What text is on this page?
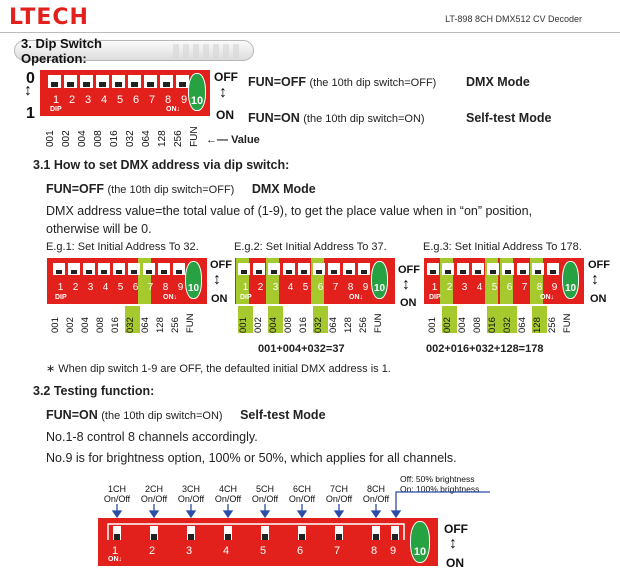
LTECH	LT-898 8CH DMX512 CV Decoder
3. Dip Switch Operation:
0
↕
1
10
1 2 3 4 5 6 7 8 9
DIP	ON↓
OFF
↕
ON
001 002 004 008 016 032 064 128 256 FUN ←— Value
FUN=OFF (the 10th dip switch=OFF) DMX Mode
FUN=ON (the 10th dip switch=ON)	Self-test Mode
3.1 How to set DMX address via dip switch:
FUN=OFF (the 10th dip switch=OFF) DMX Mode
DMX address value=the total value of (1-9), to get the place value when in “on” position,
otherwise will be 0.
E.g.1: Set Initial Address To 32.	E.g.2: Set Initial Address To 37.	E.g.3: Set Initial Address To 178.
10
1 2 3 4 5 6 7 8 9
DIP	ON↓
OFF
↕
ON
001 002 004 008 016 032 064 128 256 FUN
10
1 2 3 4 5 6 7 8 9
DIP	ON↓
OFF
↕
ON
001 002 004 008 016 032 064 128 256 FUN
001+004+032=37
10
1 2 3 4 5 6 7 8 9
DIP	ON↓
OFF
↕
ON
001 002 004 008 016 032 064 128 256 FUN
002+016+032+128=178
∗ When dip switch 1-9 are OFF, the defaulted initial DMX address is 1.
3.2 Testing function:
FUN=ON (the 10th dip switch=ON) Self-test Mode
No.1-8 control 8 channels accordingly.
No.9 is for brightness option, 100% or 50%, which applies for all channels.
1CH
On/Off
2CH
On/Off
3CH
On/Off
4CH
On/Off
5CH
On/Off
6CH
On/Off
7CH
On/Off
8CH
On/Off
Off: 50% brightness
On: 100% brightness
10
1	2	3	4	5	6	7	8 9
ON↓
OFF
↕
ON
